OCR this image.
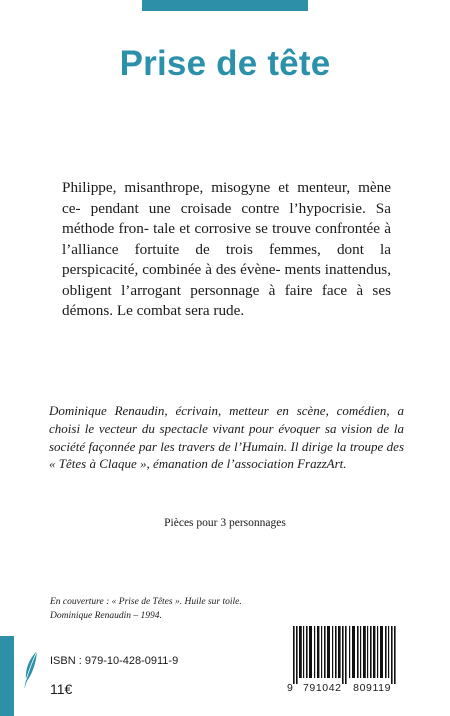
Prise de tête

Philippe, misanthrope, misogyne et menteur, mène ce- pendant une croisade contre l’hypocrisie. Sa méthode fron- tale et corrosive se trouve confrontée à l’alliance fortuite de trois femmes, dont la perspicacité, combinée à des évène- ments inattendus, obligent l’arrogant personnage à faire face à ses démons. Le combat sera rude.

Dominique Renaudin, écrivain, metteur en scène, comédien, a choisi le vecteur du spectacle vivant pour évoquer sa vision de la société façonnée par les travers de l’Humain. Il dirige la troupe des « Têtes à Claque », émanation de l’association FrazzArt.

Pièces pour 3 personnages
En couverture : « Prise de Têtes ». Huile sur toile.
Dominique Renaudin – 1994.
ISBN : 979-10-428-0911-9
11€	9 791042 809119
